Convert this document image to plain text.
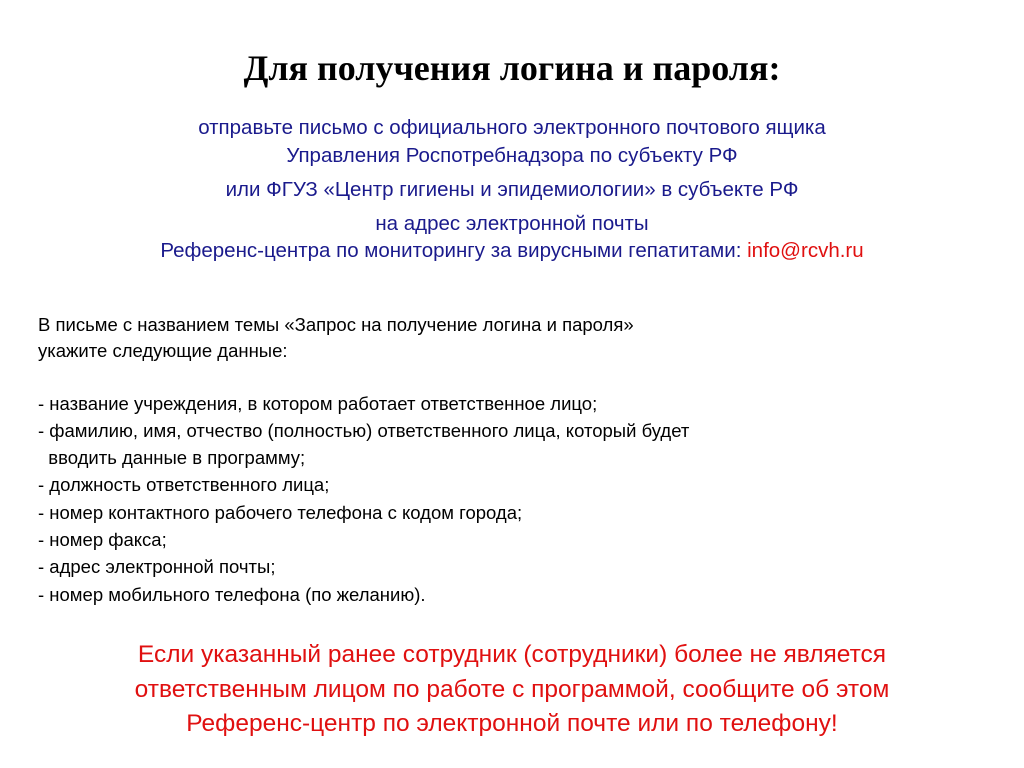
Для получения логина и пароля:
отправьте письмо с официального электронного почтового ящика
Управления Роспотребнадзора по субъекту РФ
или ФГУЗ «Центр гигиены и эпидемиологии» в субъекте РФ
на адрес электронной почты
Референс-центра по мониторингу за вирусными гепатитами: info@rcvh.ru
В письме с названием темы «Запрос на получение логина и пароля»
укажите следующие данные:
- название учреждения, в котором работает ответственное лицо;
- фамилию, имя, отчество (полностью) ответственного лица, который будет
вводить данные в программу;
- должность ответственного лица;
- номер контактного рабочего телефона с кодом города;
- номер факса;
- адрес электронной почты;
- номер мобильного телефона (по желанию).
Если указанный ранее сотрудник (сотрудники) более не является
ответственным лицом по работе с программой, сообщите об этом
Референс-центр по электронной почте или по телефону!
